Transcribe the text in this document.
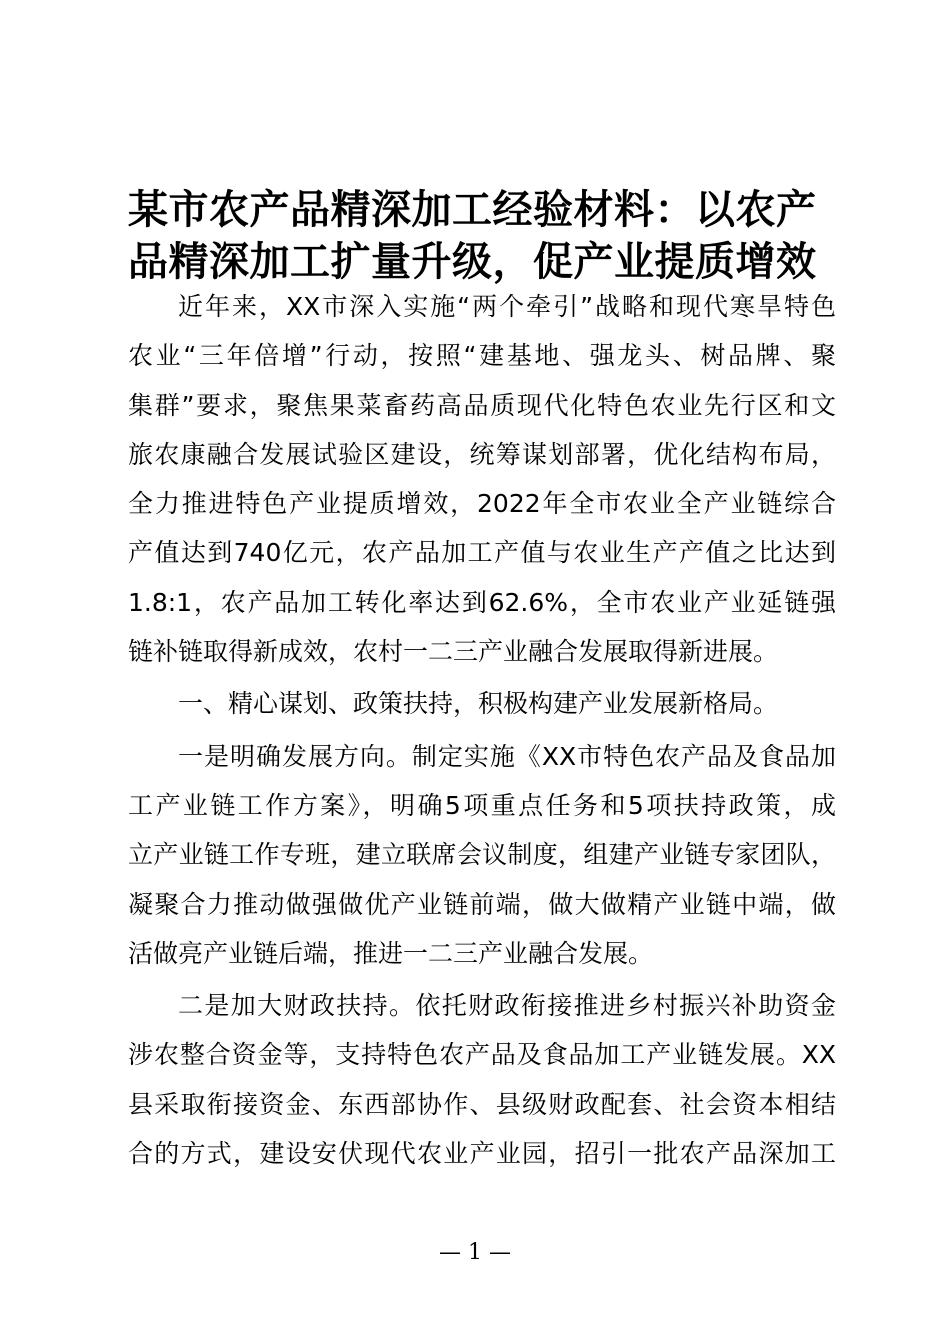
某市农产品精深加工经验材料：以农产
品精深加工扩量升级，促产业提质增效
近年来，XX市深入实施“两个牵引”战略和现代寒旱特色
农业“三年倍增”行动，按照“建基地、强龙头、树品牌、聚
集群”要求，聚焦果菜畜药高品质现代化特色农业先行区和文
旅农康融合发展试验区建设，统筹谋划部署，优化结构布局，
全力推进特色产业提质增效，2022年全市农业全产业链综合
产值达到740亿元，农产品加工产值与农业生产产值之比达到
1.8:1，农产品加工转化率达到62.6%，全市农业产业延链强
链补链取得新成效，农村一二三产业融合发展取得新进展。
一、精心谋划、政策扶持，积极构建产业发展新格局。
一是明确发展方向。制定实施《XX市特色农产品及食品加
工产业链工作方案》，明确5项重点任务和5项扶持政策，成
立产业链工作专班，建立联席会议制度，组建产业链专家团队，
凝聚合力推动做强做优产业链前端，做大做精产业链中端，做
活做亮产业链后端，推进一二三产业融合发展。
二是加大财政扶持。依托财政衔接推进乡村振兴补助资金
涉农整合资金等，支持特色农产品及食品加工产业链发展。XX
县采取衔接资金、东西部协作、县级财政配套、社会资本相结
合的方式，建设安伏现代农业产业园，招引一批农产品深加工
— 1 —
